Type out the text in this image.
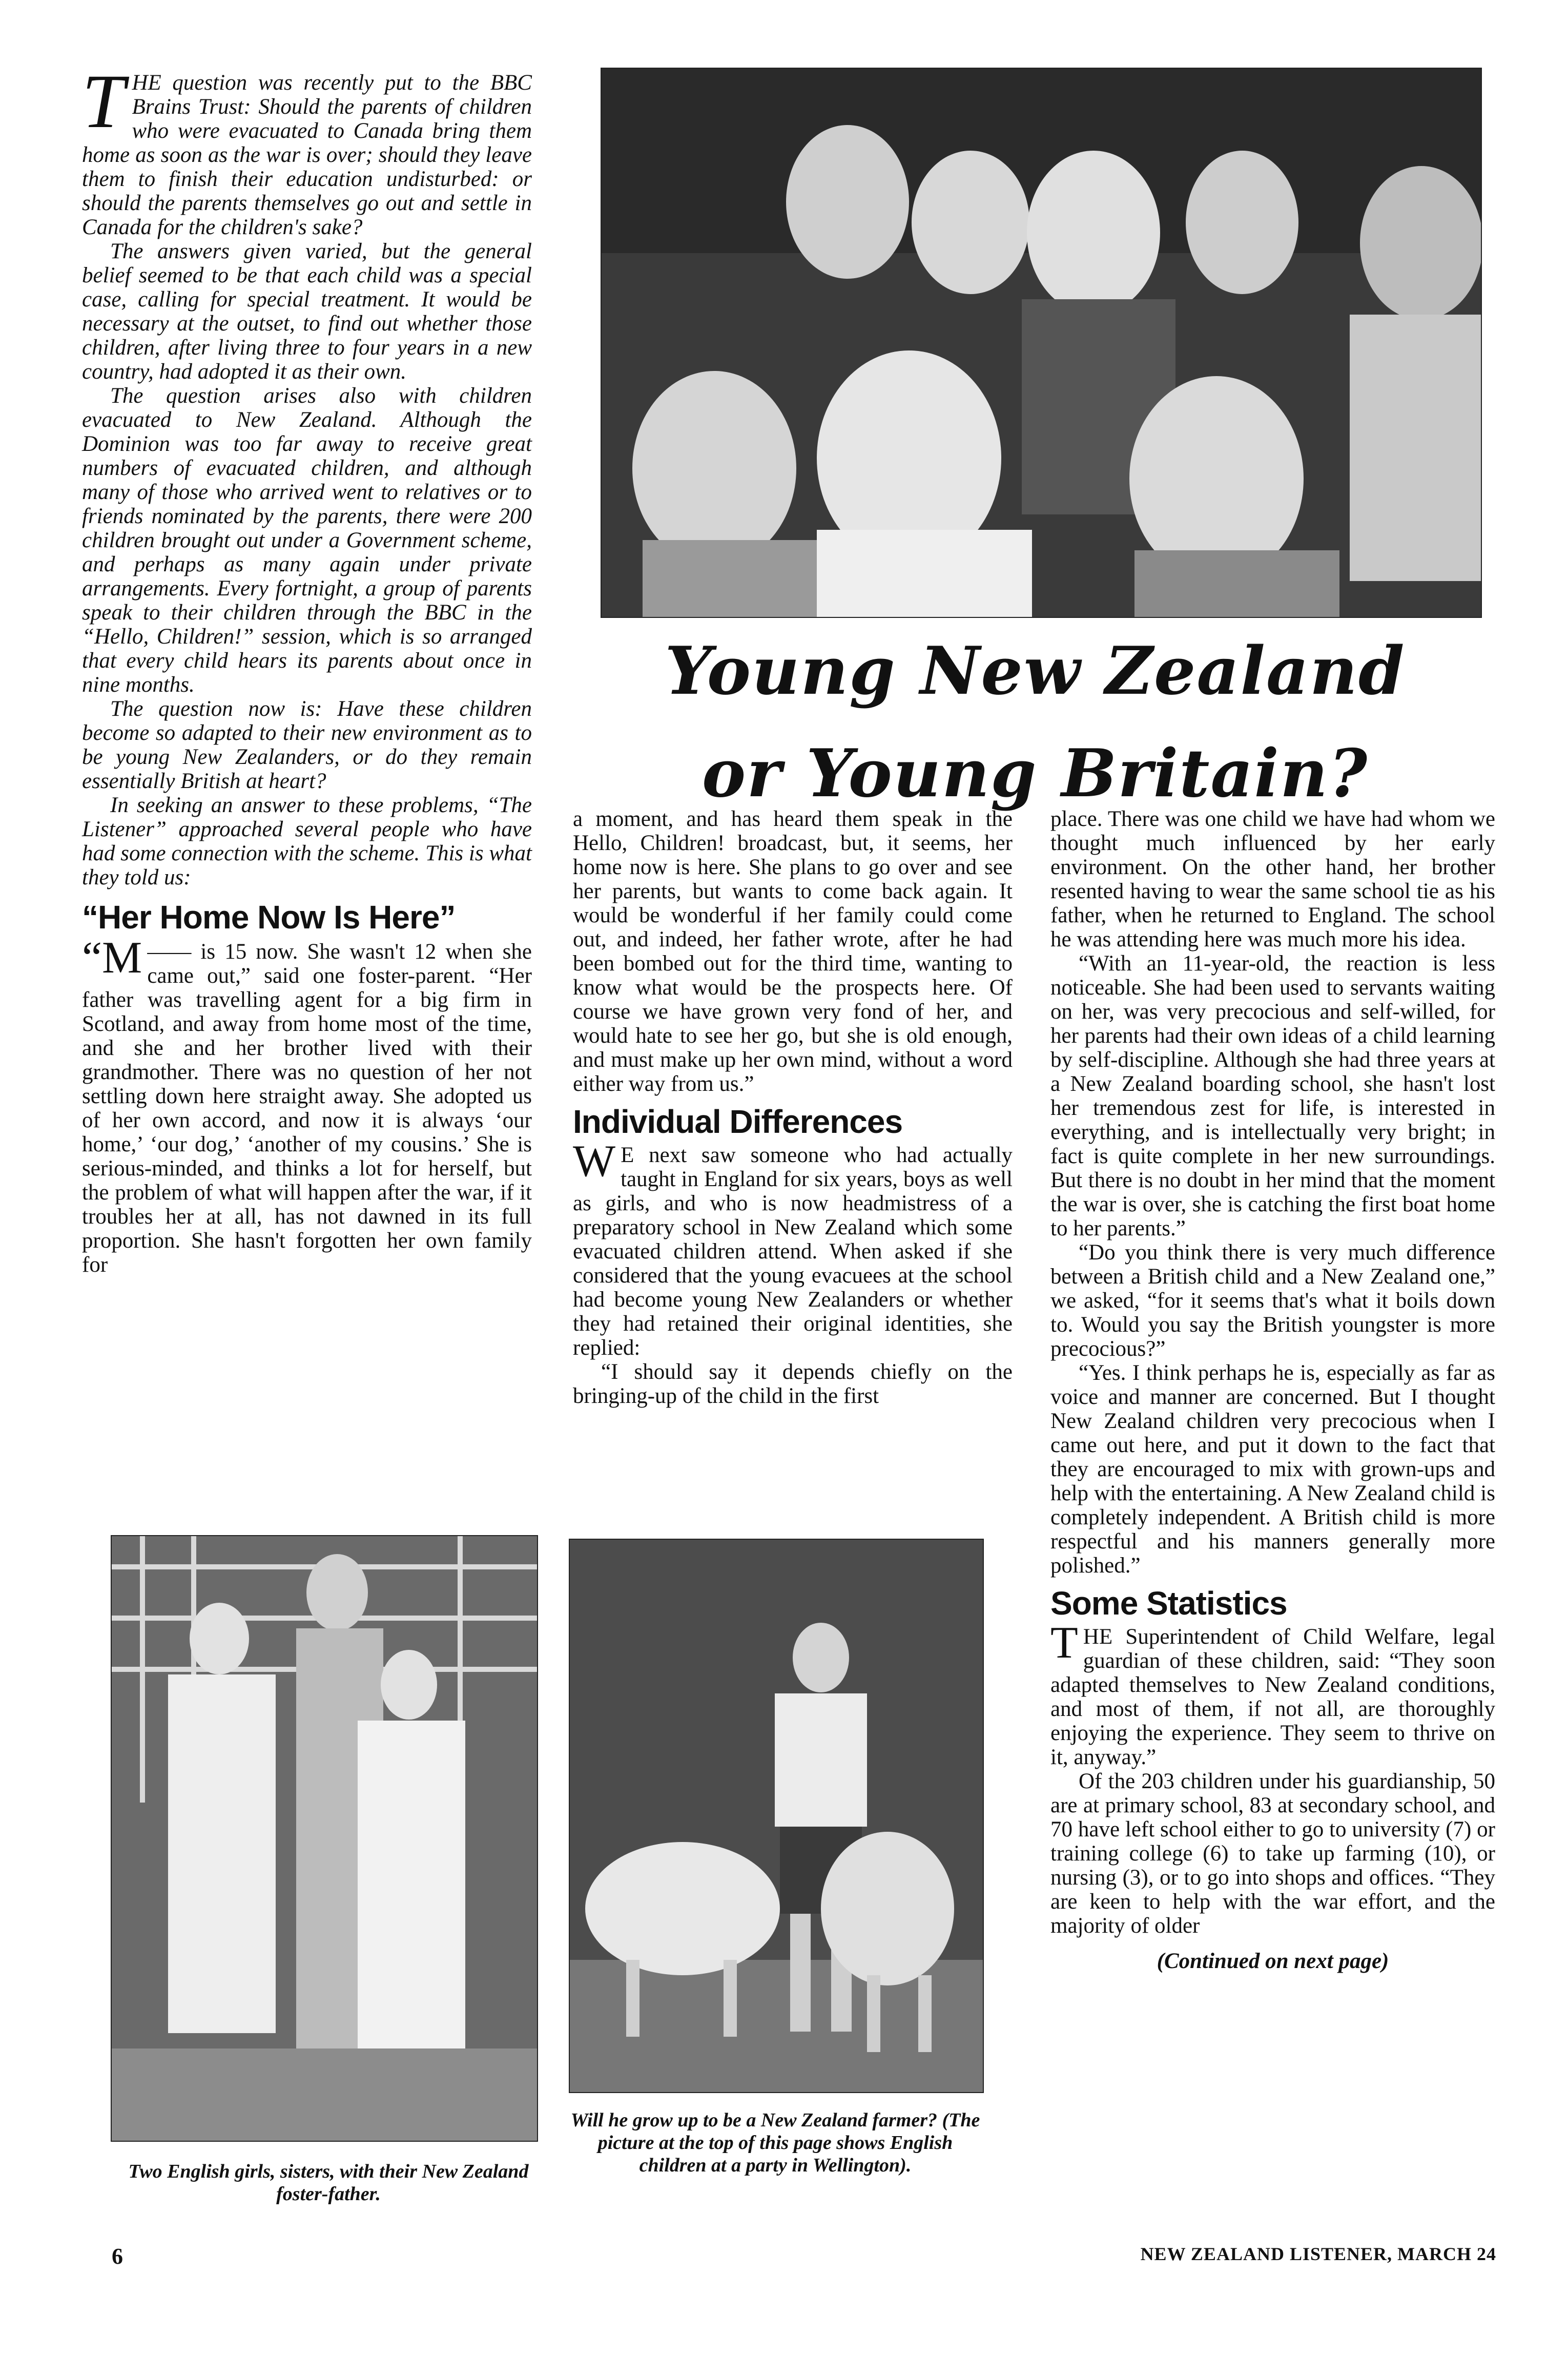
Young New Zealand
or Young Britain?
T HE question was recently put to the BBC Brains Trust: Should the parents of children who were evacuated to Canada bring them home as soon as the war is over; should they leave them to finish their education undisturbed: or should the parents themselves go out and settle in Canada for the children's sake?

The answers given varied, but the general belief seemed to be that each child was a special case, calling for special treatment. It would be necessary at the outset, to find out whether those children, after living three to four years in a new country, had adopted it as their own.

The question arises also with children evacuated to New Zealand. Although the Dominion was too far away to receive great numbers of evacuated children, and although many of those who arrived went to relatives or to friends nominated by the parents, there were 200 children brought out under a Government scheme, and perhaps as many again under private arrangements. Every fortnight, a group of parents speak to their children through the BBC in the “Hello, Children!” session, which is so arranged that every child hears its parents about once in nine months.

The question now is: Have these children become so adapted to their new environment as to be young New Zealanders, or do they remain essentially British at heart?

In seeking an answer to these problems, “The Listener” approached several people who have had some connection with the scheme. This is what they told us:

“Her Home Now Is Here”
“M —— is 15 now. She wasn't 12 when she came out,” said one foster-parent. “Her father was travelling agent for a big firm in Scotland, and away from home most of the time, and she and her brother lived with their grandmother. There was no question of her not settling down here straight away. She adopted us of her own accord, and now it is always ‘our home,’ ‘our dog,’ ‘another of my cousins.’ She is serious-minded, and thinks a lot for herself, but the problem of what will happen after the war, if it troubles her at all, has not dawned in its full proportion. She hasn't forgotten her own family for

a moment, and has heard them speak in the Hello, Children! broadcast, but, it seems, her home now is here. She plans to go over and see her parents, but wants to come back again. It would be wonderful if her family could come out, and indeed, her father wrote, after he had been bombed out for the third time, wanting to know what would be the prospects here. Of course we have grown very fond of her, and would hate to see her go, but she is old enough, and must make up her own mind, without a word either way from us.”

Individual Differences
W E next saw someone who had actually taught in England for six years, boys as well as girls, and who is now headmistress of a preparatory school in New Zealand which some evacuated children attend. When asked if she considered that the young evacuees at the school had become young New Zealanders or whether they had retained their original identities, she replied:

“I should say it depends chiefly on the bringing-up of the child in the first

place. There was one child we have had whom we thought much influenced by her early environment. On the other hand, her brother resented having to wear the same school tie as his father, when he returned to England. The school he was attending here was much more his idea.

“With an 11-year-old, the reaction is less noticeable. She had been used to servants waiting on her, was very precocious and self-willed, for her parents had their own ideas of a child learning by self-discipline. Although she had three years at a New Zealand boarding school, she hasn't lost her tremendous zest for life, is interested in everything, and is intellectually very bright; in fact is quite complete in her new surroundings. But there is no doubt in her mind that the moment the war is over, she is catching the first boat home to her parents.”

“Do you think there is very much difference between a British child and a New Zealand one,” we asked, “for it seems that's what it boils down to. Would you say the British youngster is more precocious?”

“Yes. I think perhaps he is, especially as far as voice and manner are concerned. But I thought New Zealand children very precocious when I came out here, and put it down to the fact that they are encouraged to mix with grown-ups and help with the entertaining. A New Zealand child is completely independent. A British child is more respectful and his manners generally more polished.”

Some Statistics
T HE Superintendent of Child Welfare, legal guardian of these children, said: “They soon adapted themselves to New Zealand conditions, and most of them, if not all, are thoroughly enjoying the experience. They seem to thrive on it, anyway.”

Of the 203 children under his guardianship, 50 are at primary school, 83 at secondary school, and 70 have left school either to go to university (7) or training college (6) to take up farming (10), or nursing (3), or to go into shops and offices. “They are keen to help with the war effort, and the majority of older

(Continued on next page)
Two English girls, sisters, with their New Zealand foster-father.
Will he grow up to be a New Zealand farmer? (The picture at the top of this page shows English children at a party in Wellington).
6	NEW ZEALAND LISTENER, MARCH 24
